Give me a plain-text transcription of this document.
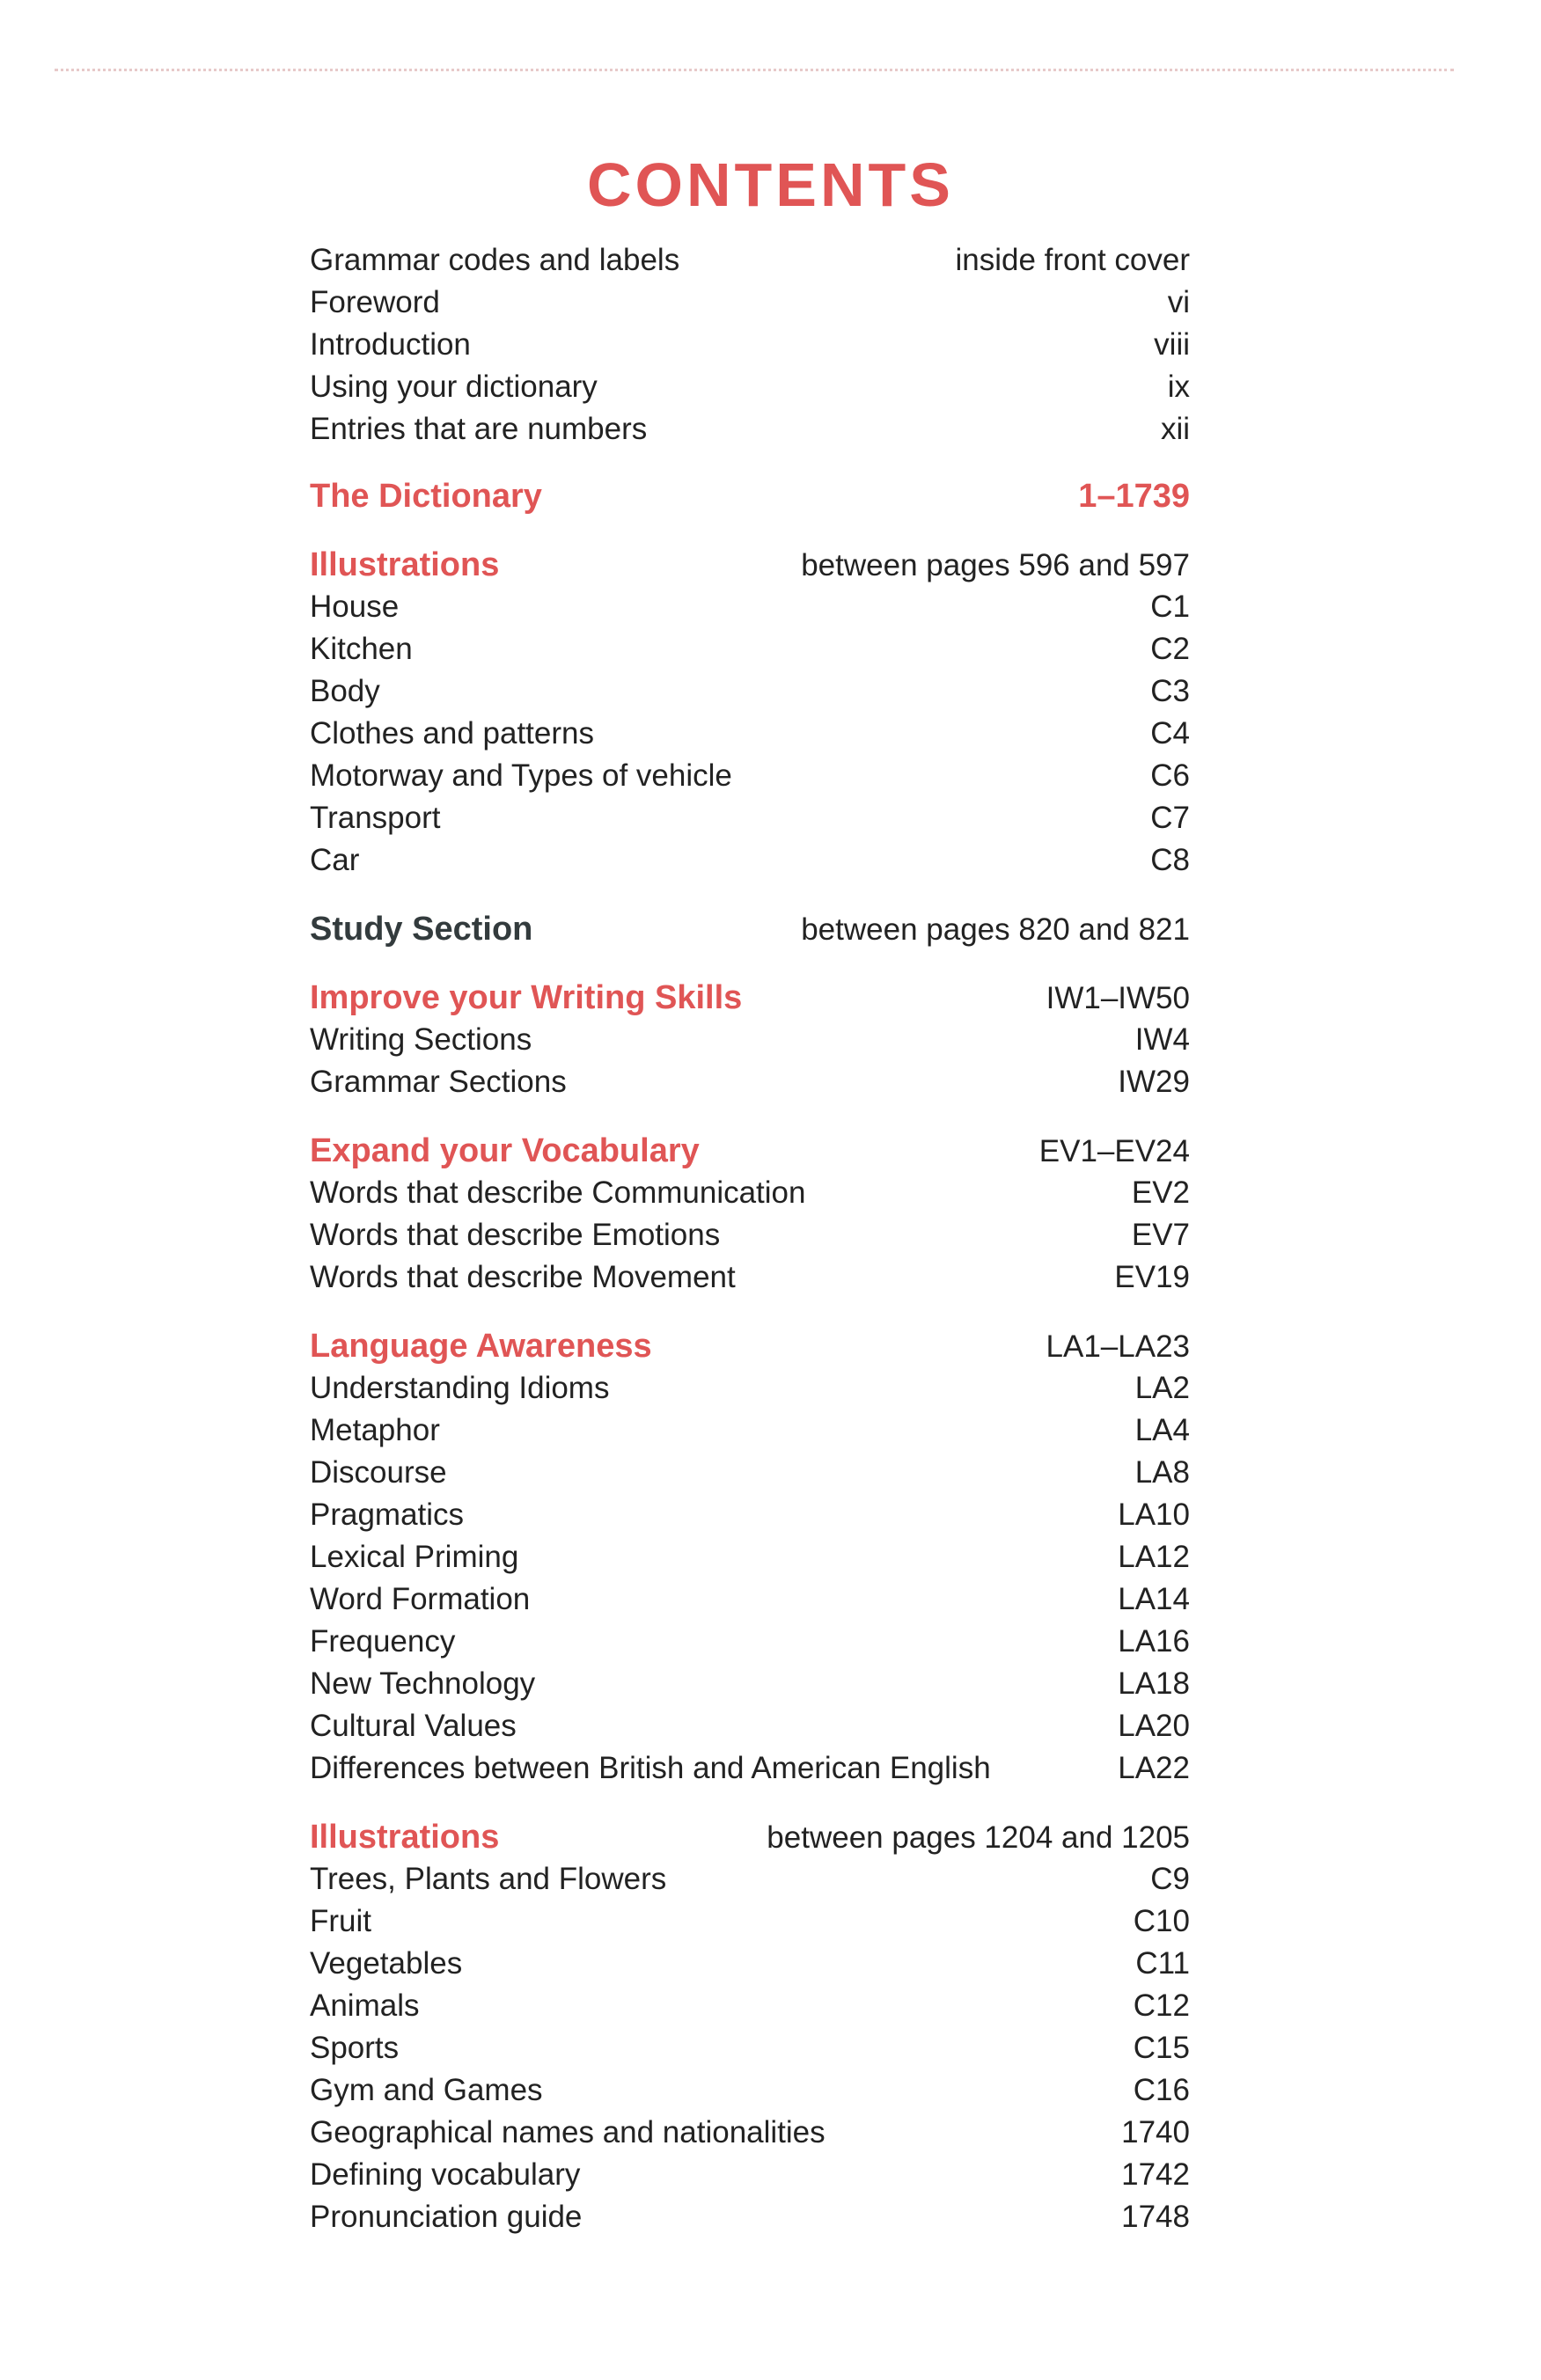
CONTENTS
Grammar codes and labels	inside front cover
Foreword	vi
Introduction	viii
Using your dictionary	ix
Entries that are numbers	xii
The Dictionary	1–1739
Illustrations	between pages 596 and 597
House	C1
Kitchen	C2
Body	C3
Clothes and patterns	C4
Motorway and Types of vehicle	C6
Transport	C7
Car	C8
Study Section	between pages 820 and 821
Improve your Writing Skills	IW1–IW50
Writing Sections	IW4
Grammar Sections	IW29
Expand your Vocabulary	EV1–EV24
Words that describe Communication	EV2
Words that describe Emotions	EV7
Words that describe Movement	EV19
Language Awareness	LA1–LA23
Understanding Idioms	LA2
Metaphor	LA4
Discourse	LA8
Pragmatics	LA10
Lexical Priming	LA12
Word Formation	LA14
Frequency	LA16
New Technology	LA18
Cultural Values	LA20
Differences between British and American English	LA22
Illustrations	between pages 1204 and 1205
Trees, Plants and Flowers	C9
Fruit	C10
Vegetables	C11
Animals	C12
Sports	C15
Gym and Games	C16
Geographical names and nationalities	1740
Defining vocabulary	1742
Pronunciation guide	1748
